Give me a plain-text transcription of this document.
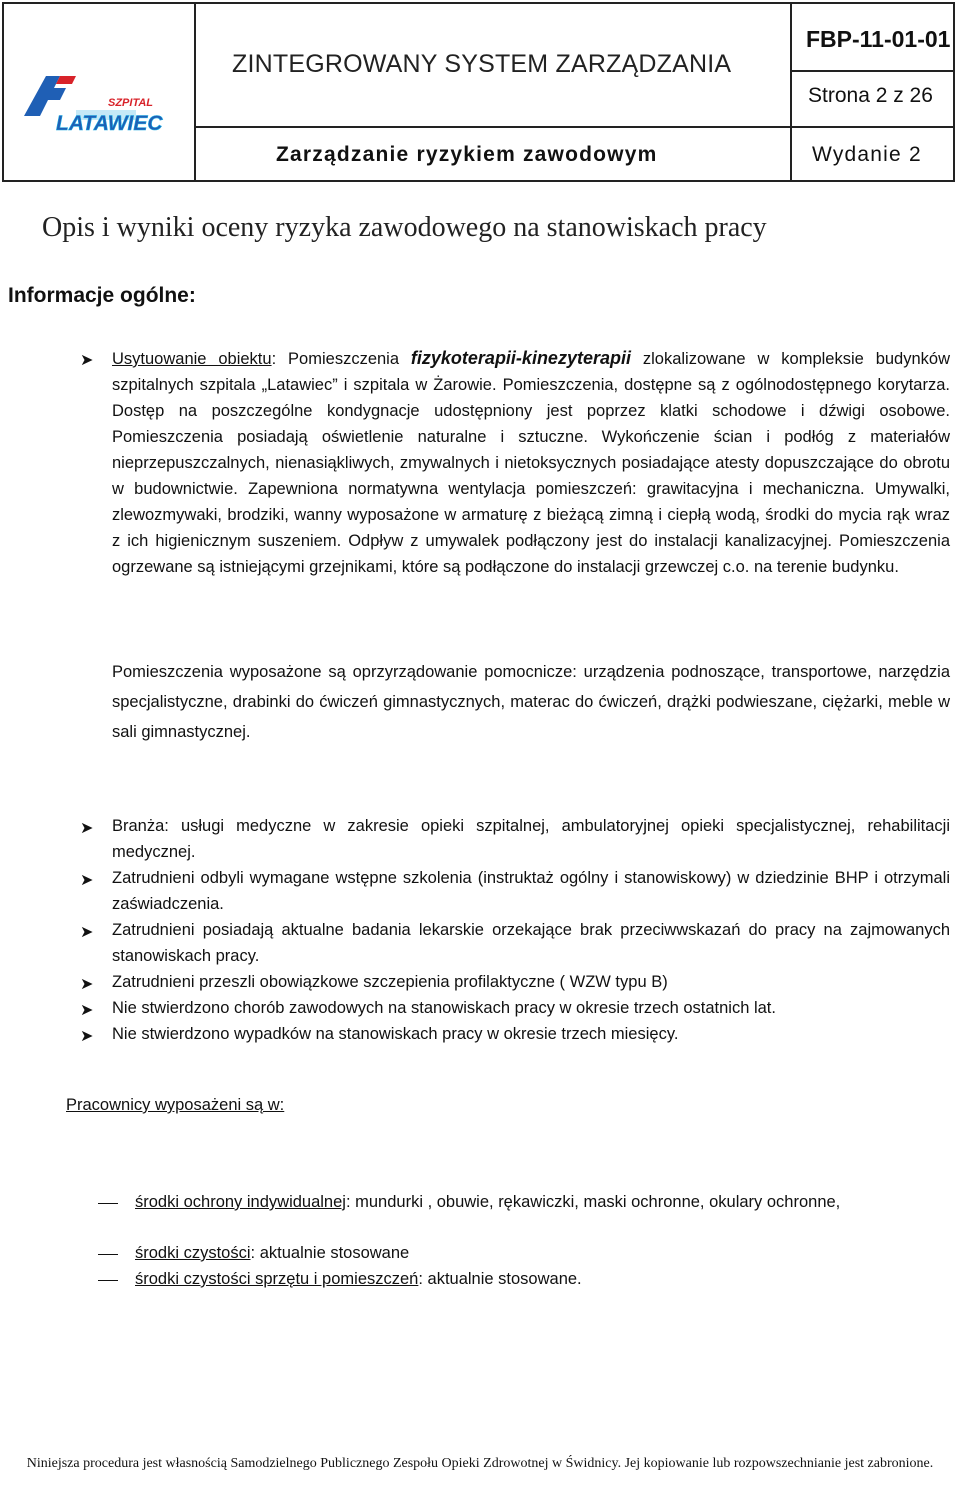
SZPITAL
LATAWIEC
ZINTEGROWANY SYSTEM ZARZĄDZANIA
FBP-11-01-01
Strona 2 z 26
Zarządzanie ryzykiem zawodowym	Wydanie 2
Opis i wyniki oceny ryzyka zawodowego na stanowiskach pracy
Informacje ogólne:
➤ Usytuowanie obiektu: Pomieszczenia fizykoterapii-kinezyterapii zlokalizowane w kompleksie budynków szpitalnych szpitala „Latawiec” i szpitala w Żarowie. Pomieszczenia, dostępne są z ogólnodostępnego korytarza. Dostęp na poszczególne kondygnacje udostępniony jest poprzez klatki schodowe i dźwigi osobowe. Pomieszczenia posiadają oświetlenie naturalne i sztuczne. Wykończenie ścian i podłóg z materiałów nieprzepuszczalnych, nienasiąkliwych, zmywalnych i nietoksycznych posiadające atesty dopuszczające do obrotu w budownictwie. Zapewniona normatywna wentylacja pomieszczeń: grawitacyjna i mechaniczna. Umywalki, zlewozmywaki, brodziki, wanny wyposażone w armaturę z bieżącą zimną i ciepłą wodą, środki do mycia rąk wraz z ich higienicznym suszeniem. Odpływ z umywalek podłączony jest do instalacji kanalizacyjnej. Pomieszczenia ogrzewane są istniejącymi grzejnikami, które są podłączone do instalacji grzewczej c.o. na terenie budynku.
Pomieszczenia wyposażone są oprzyrządowanie pomocnicze: urządzenia podnoszące, transportowe, narzędzia specjalistyczne, drabinki do ćwiczeń gimnastycznych, materac do ćwiczeń, drążki podwieszane, ciężarki, meble w sali gimnastycznej.
➤ Branża: usługi medyczne w zakresie opieki szpitalnej, ambulatoryjnej opieki specjalistycznej, rehabilitacji medycznej.
➤ Zatrudnieni odbyli wymagane wstępne szkolenia (instruktaż ogólny i stanowiskowy) w dziedzinie BHP i otrzymali zaświadczenia.
➤ Zatrudnieni posiadają aktualne badania lekarskie orzekające brak przeciwwskazań do pracy na zajmowanych stanowiskach pracy.
➤ Zatrudnieni przeszli obowiązkowe szczepienia profilaktyczne ( WZW typu B)
➤ Nie stwierdzono chorób zawodowych na stanowiskach pracy w okresie trzech ostatnich lat.
➤ Nie stwierdzono wypadków na stanowiskach pracy w okresie trzech miesięcy.
Pracownicy wyposażeni są w:
środki ochrony indywidualnej: mundurki , obuwie, rękawiczki, maski ochronne, okulary ochronne,
środki czystości: aktualnie stosowane
środki czystości sprzętu i pomieszczeń: aktualnie stosowane.
Niniejsza procedura jest własnością Samodzielnego Publicznego Zespołu Opieki Zdrowotnej w Świdnicy. Jej kopiowanie lub rozpowszechnianie jest zabronione.
